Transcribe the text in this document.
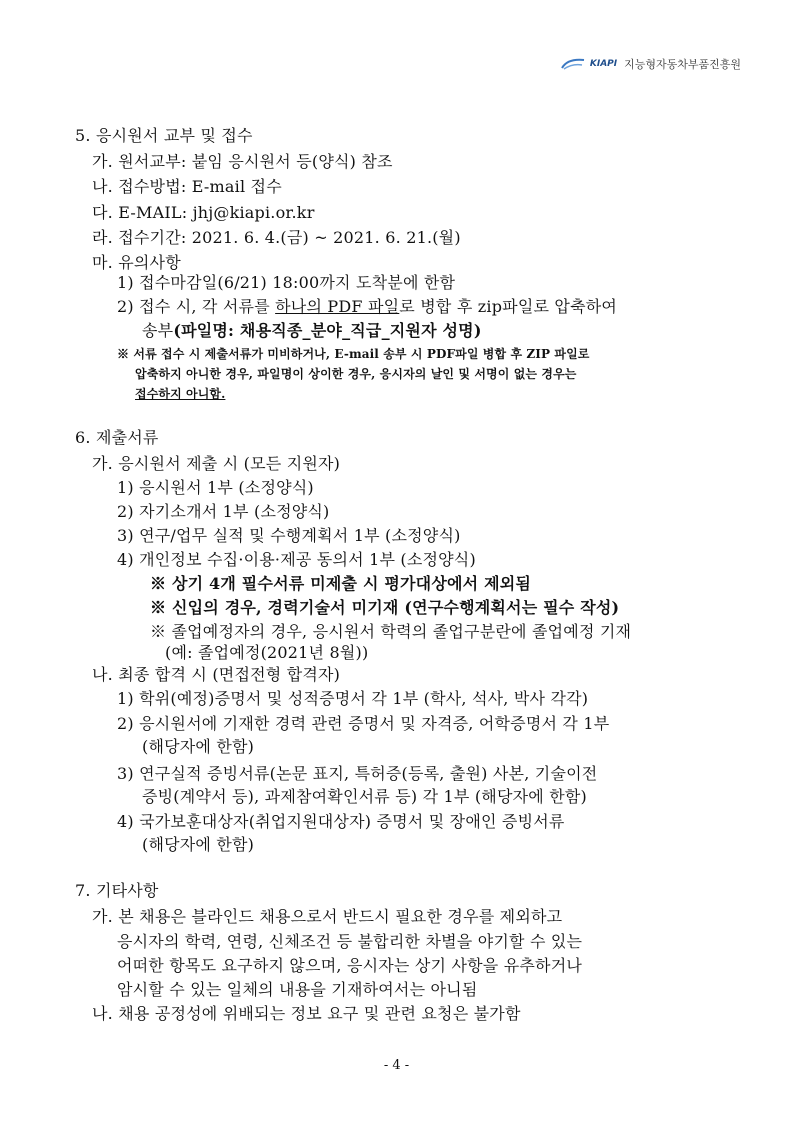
KIAPI 지능형자동차부품진흥원
5. 응시원서 교부 및 접수
가. 원서교부: 붙임 응시원서 등(양식) 참조
나. 접수방법: E-mail 접수
다. E-MAIL: jhj@kiapi.or.kr
라. 접수기간: 2021. 6. 4.(금) ~ 2021. 6. 21.(월)
마. 유의사항
1) 접수마감일(6/21) 18:00까지 도착분에 한함
2) 접수 시, 각 서류를 하나의 PDF 파일로 병합 후 zip파일로 압축하여
송부(파일명: 채용직종_분야_직급_지원자 성명)
※ 서류 접수 시 제출서류가 미비하거나, E-mail 송부 시 PDF파일 병합 후 ZIP 파일로
압축하지 아니한 경우, 파일명이 상이한 경우, 응시자의 날인 및 서명이 없는 경우는
접수하지 아니함.
6. 제출서류
가. 응시원서 제출 시 (모든 지원자)
1) 응시원서 1부 (소정양식)
2) 자기소개서 1부 (소정양식)
3) 연구/업무 실적 및 수행계획서 1부 (소정양식)
4) 개인정보 수집·이용·제공 동의서 1부 (소정양식)
※ 상기 4개 필수서류 미제출 시 평가대상에서 제외됨
※ 신입의 경우, 경력기술서 미기재 (연구수행계획서는 필수 작성)
※ 졸업예정자의 경우, 응시원서 학력의 졸업구분란에 졸업예정 기재
(예: 졸업예정(2021년 8월))
나. 최종 합격 시 (면접전형 합격자)
1) 학위(예정)증명서 및 성적증명서 각 1부 (학사, 석사, 박사 각각)
2) 응시원서에 기재한 경력 관련 증명서 및 자격증, 어학증명서 각 1부
(해당자에 한함)
3) 연구실적 증빙서류(논문 표지, 특허증(등록, 출원) 사본, 기술이전
증빙(계약서 등), 과제참여확인서류 등) 각 1부 (해당자에 한함)
4) 국가보훈대상자(취업지원대상자) 증명서 및 장애인 증빙서류
(해당자에 한함)
7. 기타사항
가. 본 채용은 블라인드 채용으로서 반드시 필요한 경우를 제외하고
응시자의 학력, 연령, 신체조건 등 불합리한 차별을 야기할 수 있는
어떠한 항목도 요구하지 않으며, 응시자는 상기 사항을 유추하거나
암시할 수 있는 일체의 내용을 기재하여서는 아니됨
나. 채용 공정성에 위배되는 정보 요구 및 관련 요청은 불가함
- 4 -
